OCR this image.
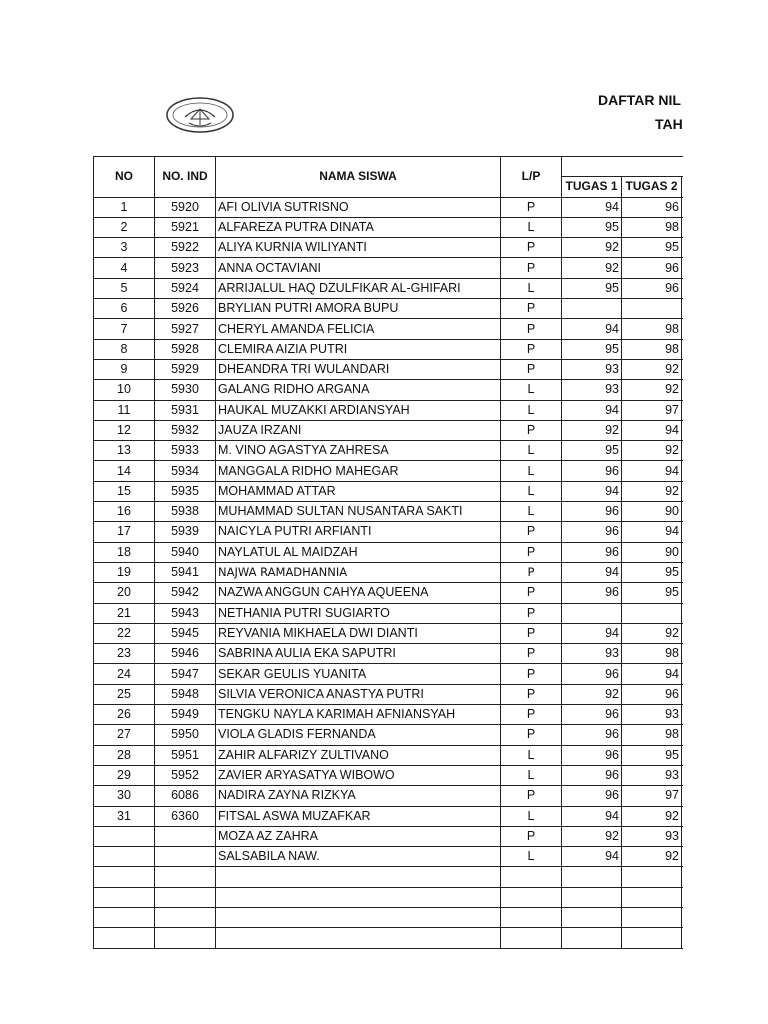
DAFTAR NIL
TAH
NO	NO. IND	NAMA SISWA	L/P			
				TUGAS 1	TUGAS 2	
1	5920	AFI OLIVIA SUTRISNO	P	94	96	
2	5921	ALFAREZA PUTRA DINATA	L	95	98	
3	5922	ALIYA KURNIA WILIYANTI	P	92	95	
4	5923	ANNA OCTAVIANI	P	92	96	
5	5924	ARRIJALUL HAQ DZULFIKAR AL-GHIFARI	L	95	96	
6	5926	BRYLIAN PUTRI AMORA BUPU	P			
7	5927	CHERYL AMANDA FELICIA	P	94	98	
8	5928	CLEMIRA AIZIA PUTRI	P	95	98	
9	5929	DHEANDRA TRI WULANDARI	P	93	92	
10	5930	GALANG RIDHO ARGANA	L	93	92	
11	5931	HAUKAL MUZAKKI ARDIANSYAH	L	94	97	
12	5932	JAUZA IRZANI	P	92	94	
13	5933	M. VINO AGASTYA ZAHRESA	L	95	92	
14	5934	MANGGALA RIDHO MAHEGAR	L	96	94	
15	5935	MOHAMMAD ATTAR	L	94	92	
16	5938	MUHAMMAD SULTAN NUSANTARA SAKTI	L	96	90	
17	5939	NAICYLA PUTRI ARFIANTI	P	96	94	
18	5940	NAYLATUL AL MAIDZAH	P	96	90	
19	5941	NAJWA RAMADHANNIA	P	94	95	
20	5942	NAZWA ANGGUN CAHYA AQUEENA	P	96	95	
21	5943	NETHANIA PUTRI SUGIARTO	P			
22	5945	REYVANIA MIKHAELA DWI DIANTI	P	94	92	
23	5946	SABRINA AULIA EKA SAPUTRI	P	93	98	
24	5947	SEKAR GEULIS YUANITA	P	96	94	
25	5948	SILVIA VERONICA ANASTYA PUTRI	P	92	96	
26	5949	TENGKU NAYLA KARIMAH AFNIANSYAH	P	96	93	
27	5950	VIOLA GLADIS FERNANDA	P	96	98	
28	5951	ZAHIR ALFARIZY ZULTIVANO	L	96	95	
29	5952	ZAVIER ARYASATYA WIBOWO	L	96	93	
30	6086	NADIRA ZAYNA RIZKYA	P	96	97	
31	6360	FITSAL ASWA MUZAFKAR	L	94	92	
		MOZA AZ ZAHRA	P	92	93	
		SALSABILA NAW.	L	94	92	
